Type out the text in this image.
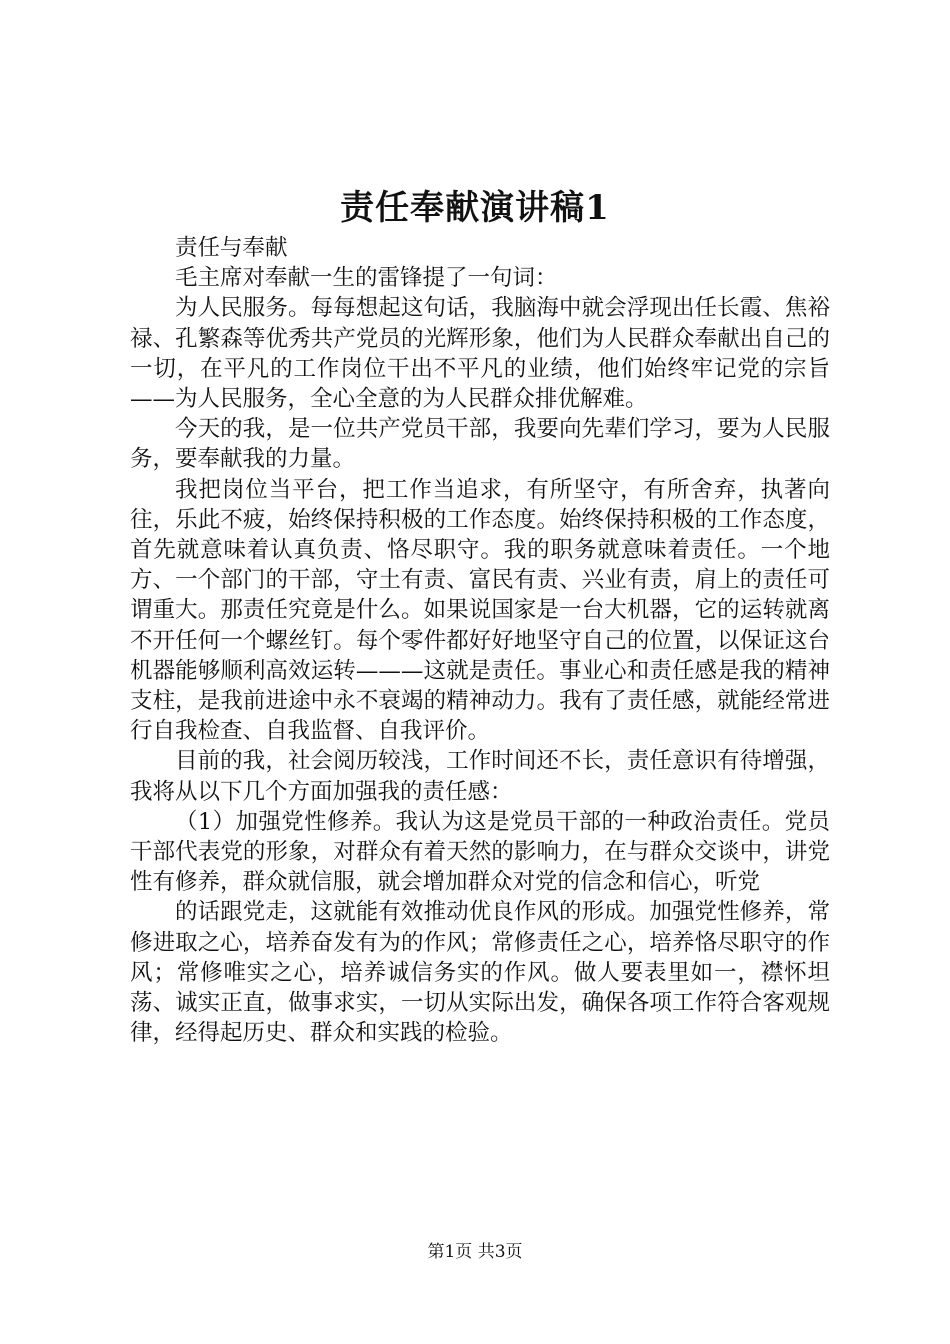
责任奉献演讲稿1

责任与奉献

毛主席对奉献一生的雷锋提了一句词：

为人民服务。每每想起这句话，我脑海中就会浮现出任长霞、焦裕禄、孔繁森等优秀共产党员的光辉形象，他们为人民群众奉献出自己的一切，在平凡的工作岗位干出不平凡的业绩，他们始终牢记党的宗旨——为人民服务，全心全意的为人民群众排优解难。

今天的我，是一位共产党员干部，我要向先辈们学习，要为人民服务，要奉献我的力量。

我把岗位当平台，把工作当追求，有所坚守，有所舍弃，执著向往，乐此不疲，始终保持积极的工作态度。始终保持积极的工作态度，首先就意味着认真负责、恪尽职守。我的职务就意味着责任。一个地方、一个部门的干部，守土有责、富民有责、兴业有责，肩上的责任可谓重大。那责任究竟是什么。如果说国家是一台大机器，它的运转就离不开任何一个螺丝钉。每个零件都好好地坚守自己的位置，以保证这台机器能够顺利高效运转———这就是责任。事业心和责任感是我的精神支柱，是我前进途中永不衰竭的精神动力。我有了责任感，就能经常进行自我检查、自我监督、自我评价。

目前的我，社会阅历较浅，工作时间还不长，责任意识有待增强，我将从以下几个方面加强我的责任感：

（1）加强党性修养。我认为这是党员干部的一种政治责任。党员干部代表党的形象，对群众有着天然的影响力，在与群众交谈中，讲党性有修养，群众就信服，就会增加群众对党的信念和信心，听党

的话跟党走，这就能有效推动优良作风的形成。加强党性修养，常修进取之心，培养奋发有为的作风；常修责任之心，培养恪尽职守的作风；常修唯实之心，培养诚信务实的作风。做人要表里如一，襟怀坦荡、诚实正直，做事求实，一切从实际出发，确保各项工作符合客观规律，经得起历史、群众和实践的检验。

第1页 共3页
